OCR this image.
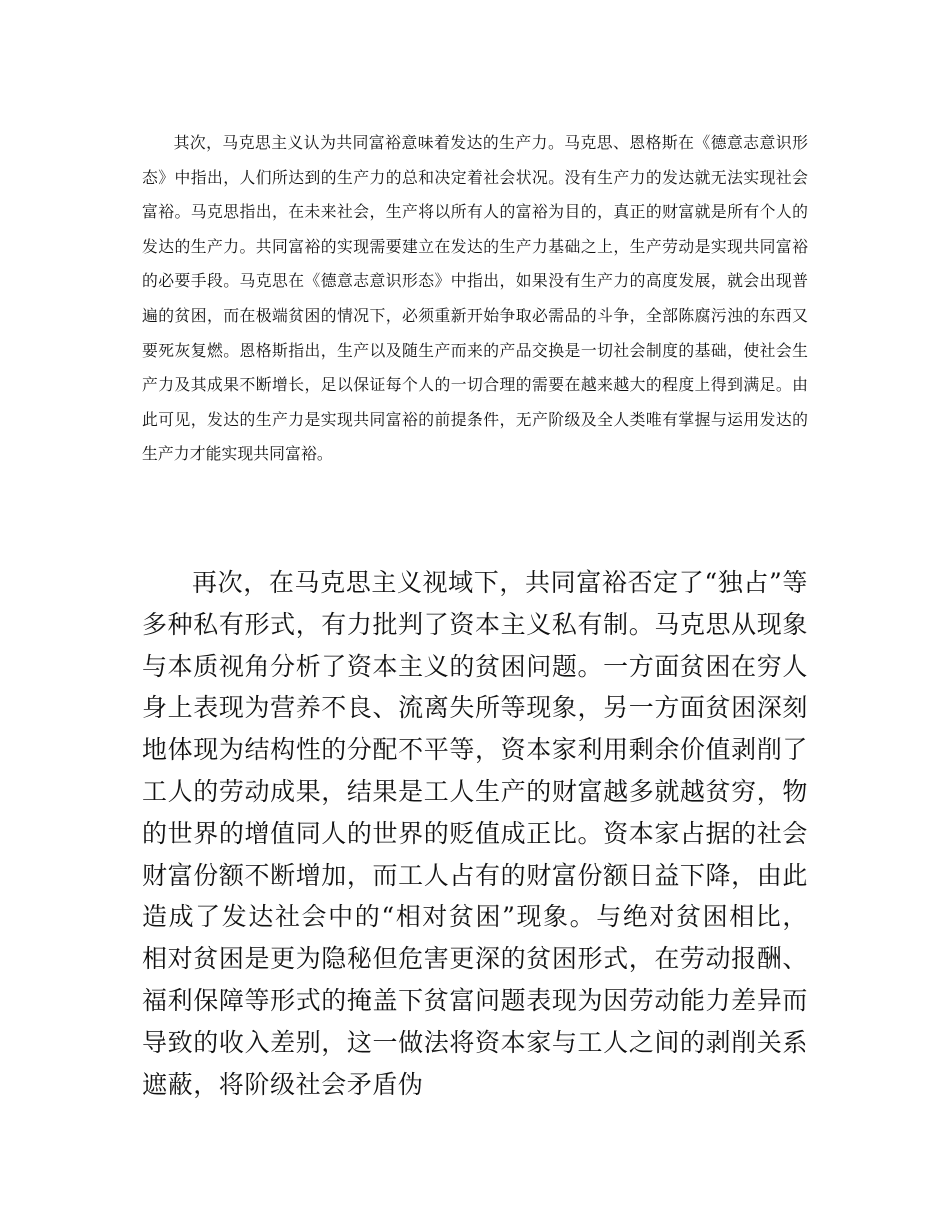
其次，马克思主义认为共同富裕意味着发达的生产力。马克思、恩格斯在《德意志意识形态》中指出，人们所达到的生产力的总和决定着社会状况。没有生产力的发达就无法实现社会富裕。马克思指出，在未来社会，生产将以所有人的富裕为目的，真正的财富就是所有个人的发达的生产力。共同富裕的实现需要建立在发达的生产力基础之上，生产劳动是实现共同富裕的必要手段。马克思在《德意志意识形态》中指出，如果没有生产力的高度发展，就会出现普遍的贫困，而在极端贫困的情况下，必须重新开始争取必需品的斗争，全部陈腐污浊的东西又要死灰复燃。恩格斯指出，生产以及随生产而来的产品交换是一切社会制度的基础，使社会生产力及其成果不断增长，足以保证每个人的一切合理的需要在越来越大的程度上得到满足。由此可见，发达的生产力是实现共同富裕的前提条件，无产阶级及全人类唯有掌握与运用发达的生产力才能实现共同富裕。

再次，在马克思主义视域下，共同富裕否定了“独占”等多种私有形式，有力批判了资本主义私有制。马克思从现象与本质视角分析了资本主义的贫困问题。一方面贫困在穷人身上表现为营养不良、流离失所等现象，另一方面贫困深刻地体现为结构性的分配不平等，资本家利用剩余价值剥削了工人的劳动成果，结果是工人生产的财富越多就越贫穷，物的世界的增值同人的世界的贬值成正比。资本家占据的社会财富份额不断增加，而工人占有的财富份额日益下降，由此造成了发达社会中的“相对贫困”现象。与绝对贫困相比，相对贫困是更为隐秘但危害更深的贫困形式，在劳动报酬、福利保障等形式的掩盖下贫富问题表现为因劳动能力差异而导致的收入差别，这一做法将资本家与工人之间的剥削关系遮蔽，将阶级社会矛盾伪
